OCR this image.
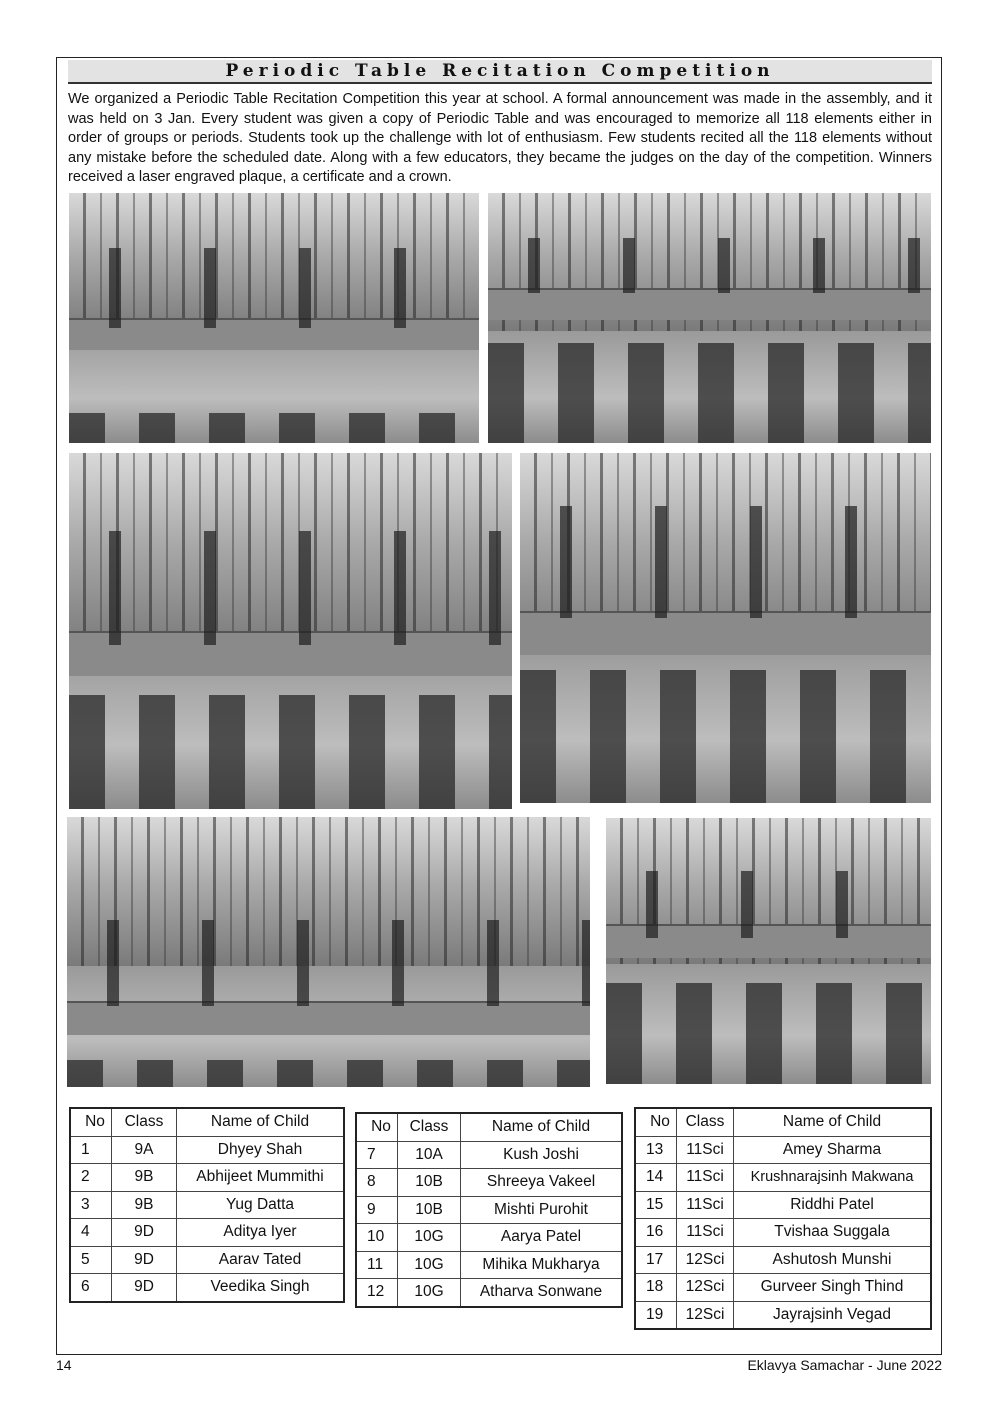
Periodic Table Recitation Competition
We organized a Periodic Table Recitation Competition this year at school. A formal announcement was made in the assembly, and it was held on 3 Jan. Every student was given a copy of Periodic Table and was encouraged to memorize all 118 elements either in order of groups or periods. Students took up the challenge with lot of enthusiasm. Few students recited all the 118 elements without any mistake before the scheduled date. Along with a few educators, they became the judges on the day of the competition. Winners received a laser engraved plaque, a certificate and a crown.
No	Class	Name of Child
1	9A	Dhyey Shah
2	9B	Abhijeet Mummithi
3	9B	Yug Datta
4	9D	Aditya Iyer
5	9D	Aarav Tated
6	9D	Veedika Singh
No	Class	Name of Child
7	10A	Kush Joshi
8	10B	Shreeya Vakeel
9	10B	Mishti Purohit
10	10G	Aarya Patel
11	10G	Mihika Mukharya
12	10G	Atharva Sonwane
No	Class	Name of Child
13	11Sci	Amey Sharma
14	11Sci	Krushnarajsinh Makwana
15	11Sci	Riddhi Patel
16	11Sci	Tvishaa Suggala
17	12Sci	Ashutosh Munshi
18	12Sci	Gurveer Singh Thind
19	12Sci	Jayrajsinh Vegad
14	Eklavya Samachar - June 2022
